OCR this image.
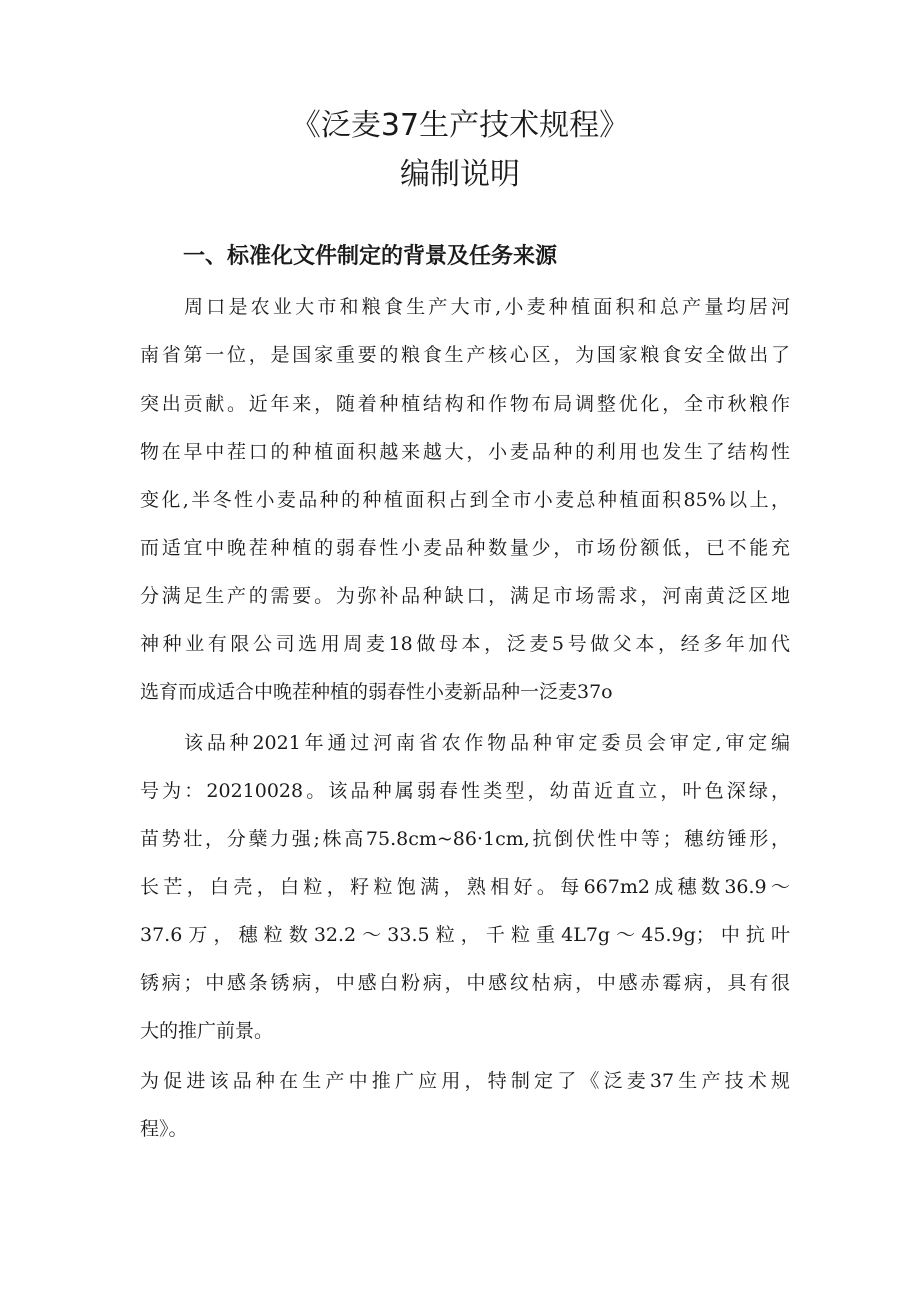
《泛麦37生产技术规程》
编制说明
一、标准化文件制定的背景及任务来源
周口是农业大市和粮食生产大市,小麦种植面积和总产量均居河
南省第一位，是国家重要的粮食生产核心区，为国家粮食安全做出了
突出贡献。近年来，随着种植结构和作物布局调整优化，全市秋粮作
物在早中茬口的种植面积越来越大，小麦品种的利用也发生了结构性
变化,半冬性小麦品种的种植面积占到全市小麦总种植面积85%以上，
而适宜中晚茬种植的弱春性小麦品种数量少，市场份额低，已不能充
分满足生产的需要。为弥补品种缺口，满足市场需求，河南黄泛区地
神种业有限公司选用周麦18做母本，泛麦5号做父本，经多年加代
选育而成适合中晚茬种植的弱春性小麦新品种一泛麦37o
该品种2021年通过河南省农作物品种审定委员会审定,审定编
号为：20210028。该品种属弱春性类型，幼苗近直立，叶色深绿，
苗势壮，分蘖力强;株高75.8cm~86·1cm,抗倒伏性中等；穗纺锤形，
长芒，白壳，白粒，籽粒饱满，熟相好。每667m2成穗数36.9～
37.6万，穗粒数32.2～33.5粒，千粒重4L7g～45.9g；中抗叶
锈病；中感条锈病，中感白粉病，中感纹枯病，中感赤霉病，具有很
大的推广前景。
为促进该品种在生产中推广应用，特制定了《泛麦37生产技术规
程》。
